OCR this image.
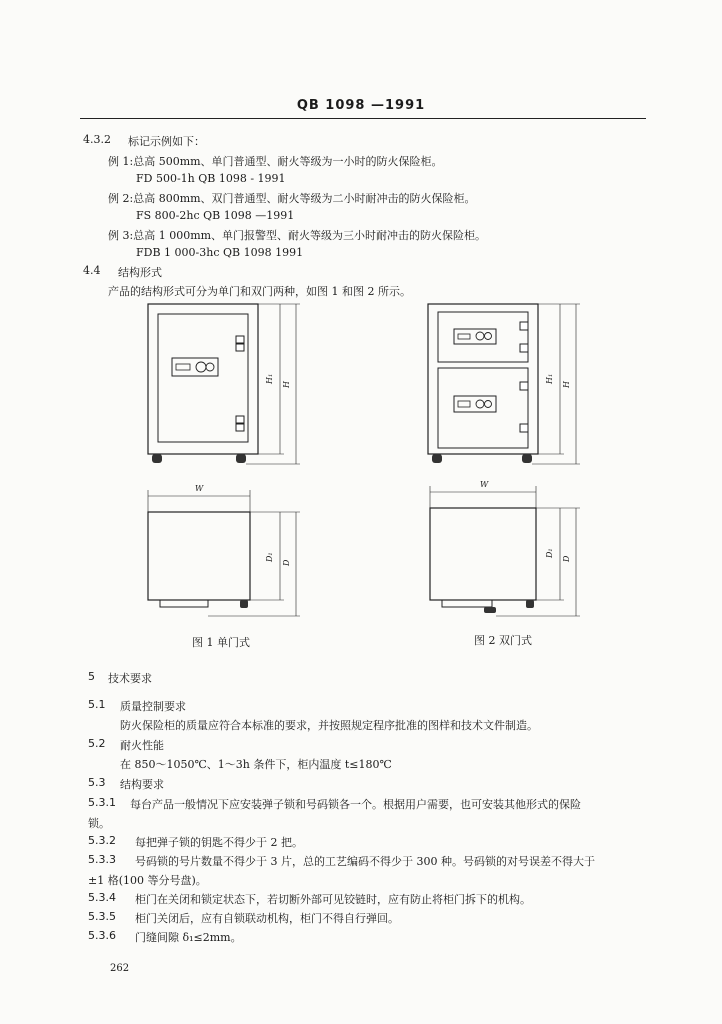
QB 1098 —1991
4.3.2 标记示例如下：
例 1:总高 500mm、单门普通型、耐火等级为一小时的防火保险柜。
FD 500-1h QB 1098 - 1991
例 2:总高 800mm、双门普通型、耐火等级为二小时耐冲击的防火保险柜。
FS 800-2hc QB 1098 —1991
例 3:总高 1 000mm、单门报警型、耐火等级为三小时耐冲击的防火保险柜。
FDB 1 000-3hc QB 1098 1991
4.4 结构形式
产品的结构形式可分为单门和双门两种，如图 1 和图 2 所示。
H₁
H
W
D₁
D
图 1 单门式
H₁
H
W
D₁
D
图 2 双门式
5 技术要求
5.1 质量控制要求
防火保险柜的质量应符合本标准的要求，并按照规定程序批准的图样和技术文件制造。
5.2 耐火性能
在 850～1050℃、1～3h 条件下，柜内温度 t≤180℃
5.3 结构要求
5.3.1 每台产品一般情况下应安装弹子锁和号码锁各一个。根据用户需要，也可安装其他形式的保险
锁。
5.3.2 每把弹子锁的钥匙不得少于 2 把。
5.3.3 号码锁的号片数量不得少于 3 片，总的工艺编码不得少于 300 种。号码锁的对号误差不得大于
±1 格(100 等分号盘)。
5.3.4 柜门在关闭和锁定状态下，若切断外部可见铰链时，应有防止将柜门拆下的机构。
5.3.5 柜门关闭后，应有自锁联动机构，柜门不得自行弹回。
5.3.6 门缝间隙 δ₁≤2mm。
262
